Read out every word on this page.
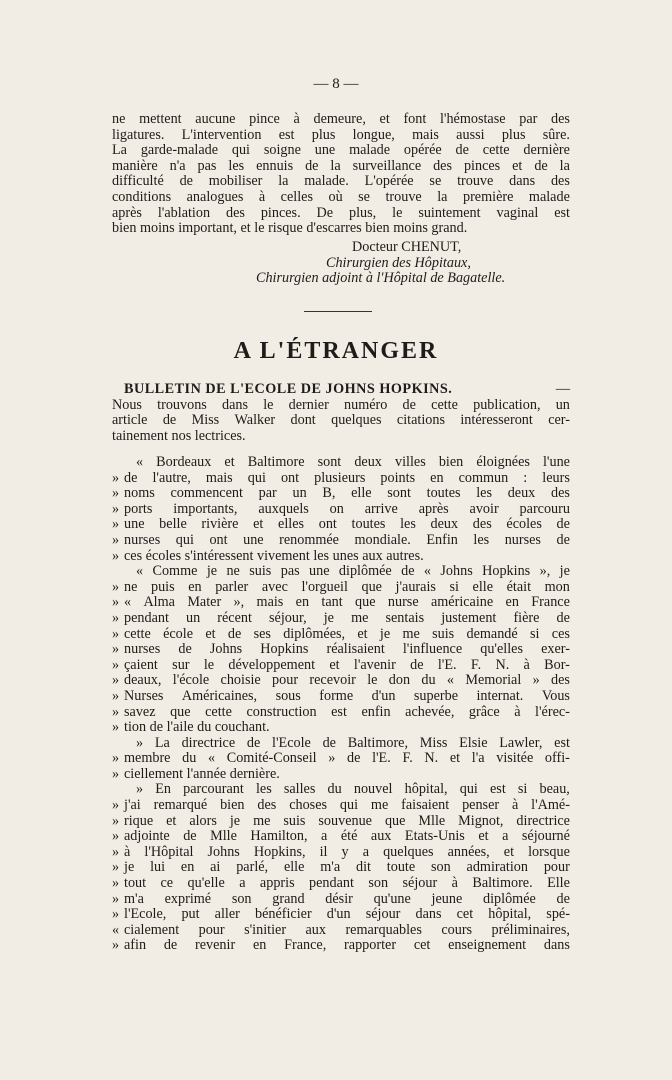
— 8 —
ne mettent aucune pince à demeure, et font l'hémostase par des
ligatures. L'intervention est plus longue, mais aussi plus sûre.
La garde-malade qui soigne une malade opérée de cette dernière
manière n'a pas les ennuis de la surveillance des pinces et de la
difficulté de mobiliser la malade. L'opérée se trouve dans des
conditions analogues à celles où se trouve la première malade
après l'ablation des pinces. De plus, le suintement vaginal est
bien moins important, et le risque d'escarres bien moins grand.
Docteur CHENUT,
Chirurgien des Hôpitaux,
Chirurgien adjoint à l'Hôpital de Bagatelle.
A L'ÉTRANGER
BULLETIN DE L'ECOLE DE JOHNS HOPKINS.	—
Nous trouvons dans le dernier numéro de cette publication, un
article de Miss Walker dont quelques citations intéresseront cer-
tainement nos lectrices.
« Bordeaux et Baltimore sont deux villes bien éloignées l'une
» de l'autre, mais qui ont plusieurs points en commun : leurs
» noms commencent par un B, elle sont toutes les deux des
» ports importants, auxquels on arrive après avoir parcouru
» une belle rivière et elles ont toutes les deux des écoles de
» nurses qui ont une renommée mondiale. Enfin les nurses de
» ces écoles s'intéressent vivement les unes aux autres.
« Comme je ne suis pas une diplômée de « Johns Hopkins », je
» ne puis en parler avec l'orgueil que j'aurais si elle était mon
» « Alma Mater », mais en tant que nurse américaine en France
» pendant un récent séjour, je me sentais justement fière de
» cette école et de ses diplômées, et je me suis demandé si ces
» nurses de Johns Hopkins réalisaient l'influence qu'elles exer-
» çaient sur le développement et l'avenir de l'E. F. N. à Bor-
» deaux, l'école choisie pour recevoir le don du « Memorial » des
» Nurses Américaines, sous forme d'un superbe internat. Vous
» savez que cette construction est enfin achevée, grâce à l'érec-
» tion de l'aile du couchant.
» La directrice de l'Ecole de Baltimore, Miss Elsie Lawler, est
» membre du « Comité-Conseil » de l'E. F. N. et l'a visitée offi-
» ciellement l'année dernière.
» En parcourant les salles du nouvel hôpital, qui est si beau,
» j'ai remarqué bien des choses qui me faisaient penser à l'Amé-
» rique et alors je me suis souvenue que Mlle Mignot, directrice
» adjointe de Mlle Hamilton, a été aux Etats-Unis et a séjourné
» à l'Hôpital Johns Hopkins, il y a quelques années, et lorsque
» je lui en ai parlé, elle m'a dit toute son admiration pour
» tout ce qu'elle a appris pendant son séjour à Baltimore. Elle
» m'a exprimé son grand désir qu'une jeune diplômée de
» l'Ecole, put aller bénéficier d'un séjour dans cet hôpital, spé-
« cialement pour s'initier aux remarquables cours préliminaires,
» afin de revenir en France, rapporter cet enseignement dans
